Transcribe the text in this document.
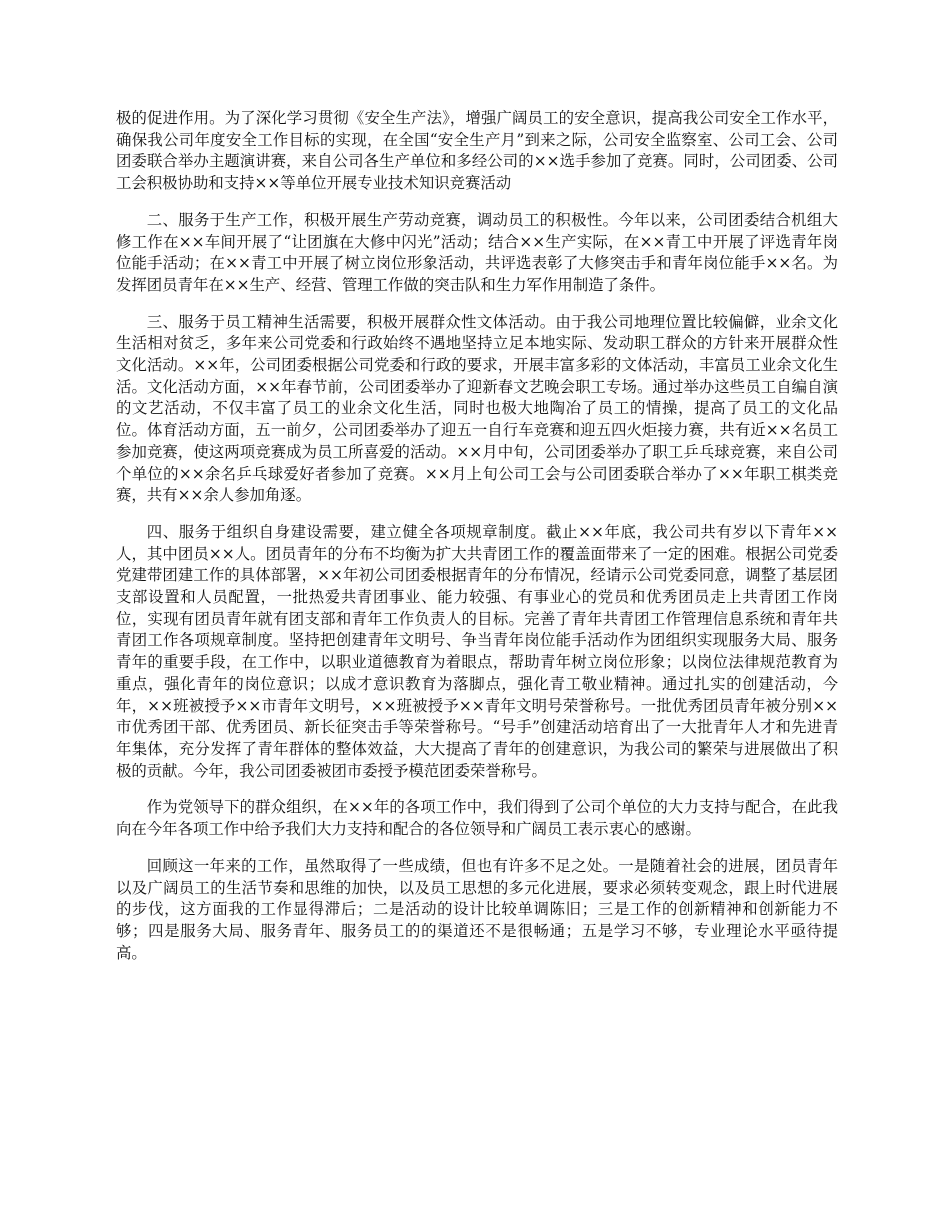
极的促进作用。为了深化学习贯彻《安全生产法》，增强广阔员工的安全意识，提高我公司安全工作水平，确保我公司年度安全工作目标的实现，在全国“安全生产月”到来之际，公司安全监察室、公司工会、公司团委联合举办主题演讲赛，来自公司各生产单位和多经公司的××选手参加了竞赛。同时，公司团委、公司工会积极协助和支持××等单位开展专业技术知识竞赛活动

二、服务于生产工作，积极开展生产劳动竞赛，调动员工的积极性。今年以来，公司团委结合机组大修工作在××车间开展了“让团旗在大修中闪光”活动；结合××生产实际，在××青工中开展了评选青年岗位能手活动；在××青工中开展了树立岗位形象活动，共评选表彰了大修突击手和青年岗位能手××名。为发挥团员青年在××生产、经营、管理工作做的突击队和生力军作用制造了条件。

三、服务于员工精神生活需要，积极开展群众性文体活动。由于我公司地理位置比较偏僻，业余文化生活相对贫乏，多年来公司党委和行政始终不遇地坚持立足本地实际、发动职工群众的方针来开展群众性文化活动。××年，公司团委根据公司党委和行政的要求，开展丰富多彩的文体活动，丰富员工业余文化生活。文化活动方面，××年春节前，公司团委举办了迎新春文艺晚会职工专场。通过举办这些员工自编自演的文艺活动，不仅丰富了员工的业余文化生活，同时也极大地陶冶了员工的情操，提高了员工的文化品位。体育活动方面，五一前夕，公司团委举办了迎五一自行车竞赛和迎五四火炬接力赛，共有近××名员工参加竞赛，使这两项竞赛成为员工所喜爱的活动。××月中旬，公司团委举办了职工乒乓球竞赛，来自公司个单位的××余名乒乓球爱好者参加了竞赛。××月上旬公司工会与公司团委联合举办了××年职工棋类竞赛，共有××余人参加角逐。

四、服务于组织自身建设需要，建立健全各项规章制度。截止××年底，我公司共有岁以下青年××人，其中团员××人。团员青年的分布不均衡为扩大共青团工作的覆盖面带来了一定的困难。根据公司党委党建带团建工作的具体部署，××年初公司团委根据青年的分布情况，经请示公司党委同意，调整了基层团支部设置和人员配置，一批热爱共青团事业、能力较强、有事业心的党员和优秀团员走上共青团工作岗位，实现有团员青年就有团支部和青年工作负责人的目标。完善了青年共青团工作管理信息系统和青年共青团工作各项规章制度。坚持把创建青年文明号、争当青年岗位能手活动作为团组织实现服务大局、服务青年的重要手段，在工作中，以职业道德教育为着眼点，帮助青年树立岗位形象；以岗位法律规范教育为重点，强化青年的岗位意识；以成才意识教育为落脚点，强化青工敬业精神。通过扎实的创建活动，今年，××班被授予××市青年文明号，××班被授予××青年文明号荣誉称号。一批优秀团员青年被分别××市优秀团干部、优秀团员、新长征突击手等荣誉称号。“号手”创建活动培育出了一大批青年人才和先进青年集体，充分发挥了青年群体的整体效益，大大提高了青年的创建意识，为我公司的繁荣与进展做出了积极的贡献。今年，我公司团委被团市委授予模范团委荣誉称号。

作为党领导下的群众组织，在××年的各项工作中，我们得到了公司个单位的大力支持与配合，在此我向在今年各项工作中给予我们大力支持和配合的各位领导和广阔员工表示衷心的感谢。

回顾这一年来的工作，虽然取得了一些成绩，但也有许多不足之处。一是随着社会的进展，团员青年以及广阔员工的生活节奏和思维的加快，以及员工思想的多元化进展，要求必须转变观念，跟上时代进展的步伐，这方面我的工作显得滞后；二是活动的设计比较单调陈旧；三是工作的创新精神和创新能力不够；四是服务大局、服务青年、服务员工的的渠道还不是很畅通；五是学习不够，专业理论水平亟待提高。
